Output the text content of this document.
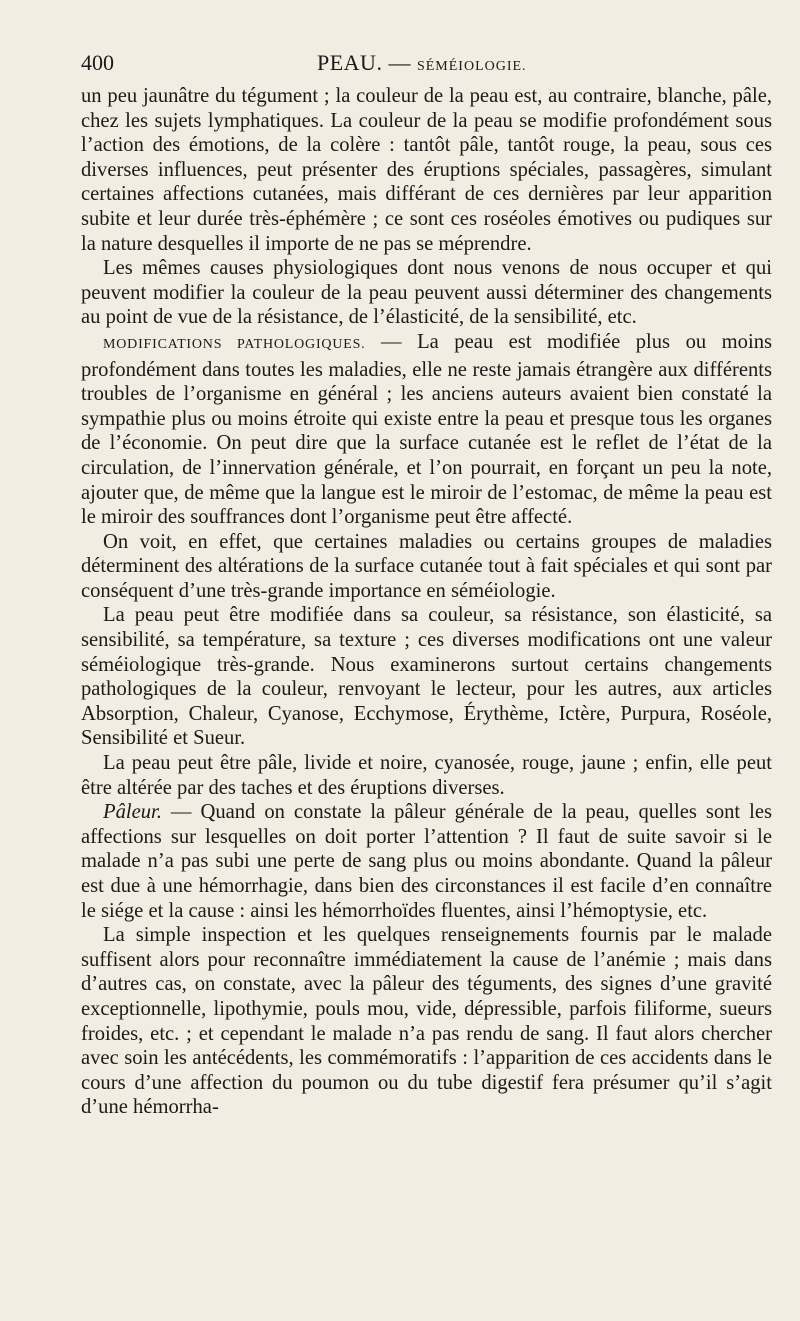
400	PEAU. — SÉMÉIOLOGIE.

un peu jaunâtre du tégument ; la couleur de la peau est, au contraire, blanche, pâle, chez les sujets lymphatiques. La couleur de la peau se modifie profondément sous l’action des émotions, de la colère : tantôt pâle, tantôt rouge, la peau, sous ces diverses influences, peut présenter des éruptions spéciales, passagères, simulant certaines affections cutanées, mais différant de ces dernières par leur apparition subite et leur durée très-éphémère ; ce sont ces roséoles émotives ou pudiques sur la nature desquelles il importe de ne pas se méprendre.

Les mêmes causes physiologiques dont nous venons de nous occuper et qui peuvent modifier la couleur de la peau peuvent aussi déterminer des changements au point de vue de la résistance, de l’élasticité, de la sensibilité, etc.

MODIFICATIONS PATHOLOGIQUES. — La peau est modifiée plus ou moins profondément dans toutes les maladies, elle ne reste jamais étrangère aux différents troubles de l’organisme en général ; les anciens auteurs avaient bien constaté la sympathie plus ou moins étroite qui existe entre la peau et presque tous les organes de l’économie. On peut dire que la surface cutanée est le reflet de l’état de la circulation, de l’innervation générale, et l’on pourrait, en forçant un peu la note, ajouter que, de même que la langue est le miroir de l’estomac, de même la peau est le miroir des souffrances dont l’organisme peut être affecté.

On voit, en effet, que certaines maladies ou certains groupes de maladies déterminent des altérations de la surface cutanée tout à fait spéciales et qui sont par conséquent d’une très-grande importance en séméiologie.

La peau peut être modifiée dans sa couleur, sa résistance, son élasticité, sa sensibilité, sa température, sa texture ; ces diverses modifications ont une valeur séméiologique très-grande. Nous examinerons surtout certains changements pathologiques de la couleur, renvoyant le lecteur, pour les autres, aux articles Absorption, Chaleur, Cyanose, Ecchymose, Érythème, Ictère, Purpura, Roséole, Sensibilité et Sueur.

La peau peut être pâle, livide et noire, cyanosée, rouge, jaune ; enfin, elle peut être altérée par des taches et des éruptions diverses.

Pâleur. — Quand on constate la pâleur générale de la peau, quelles sont les affections sur lesquelles on doit porter l’attention ? Il faut de suite savoir si le malade n’a pas subi une perte de sang plus ou moins abondante. Quand la pâleur est due à une hémorrhagie, dans bien des circonstances il est facile d’en connaître le siége et la cause : ainsi les hémorrhoïdes fluentes, ainsi l’hémoptysie, etc.

La simple inspection et les quelques renseignements fournis par le malade suffisent alors pour reconnaître immédiatement la cause de l’anémie ; mais dans d’autres cas, on constate, avec la pâleur des téguments, des signes d’une gravité exceptionnelle, lipothymie, pouls mou, vide, dépressible, parfois filiforme, sueurs froides, etc. ; et cependant le malade n’a pas rendu de sang. Il faut alors chercher avec soin les antécédents, les commémoratifs : l’apparition de ces accidents dans le cours d’une affection du poumon ou du tube digestif fera présumer qu’il s’agit d’une hémorrha-
